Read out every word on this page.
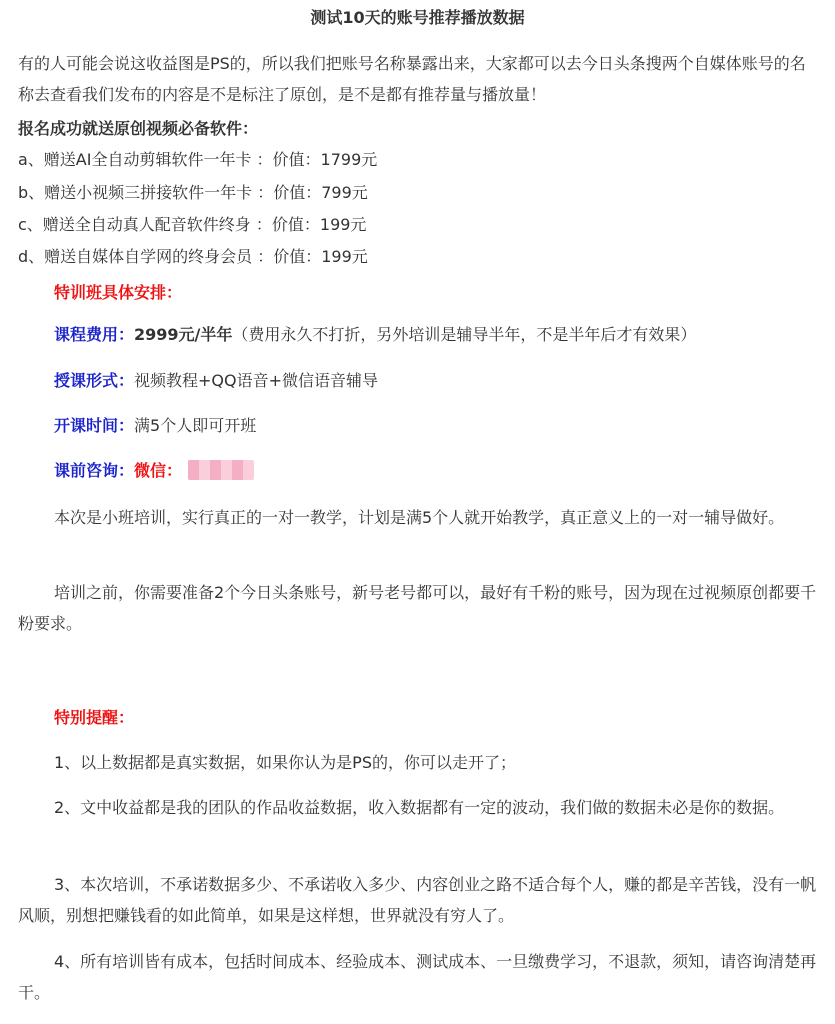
测试10天的账号推荐播放数据

有的人可能会说这收益图是PS的，所以我们把账号名称暴露出来，大家都可以去今日头条搜两个自媒体账号的名称去查看我们发布的内容是不是标注了原创，是不是都有推荐量与播放量！

报名成功就送原创视频必备软件：
a、赠送AI全自动剪辑软件一年卡 ：价值：1799元
b、赠送小视频三拼接软件一年卡 ：价值：799元
c、赠送全自动真人配音软件终身 ：价值：199元
d、赠送自媒体自学网的终身会员 ：价值：199元
特训班具体安排：
课程费用：2999元/半年（费用永久不打折，另外培训是辅导半年，不是半年后才有效果）
授课形式：视频教程+QQ语音+微信语音辅导
开课时间：满5个人即可开班
课前咨询：微信：

本次是小班培训，实行真正的一对一教学，计划是满5个人就开始教学，真正意义上的一对一辅导做好。

培训之前，你需要准备2个今日头条账号，新号老号都可以，最好有千粉的账号，因为现在过视频原创都要千粉要求。

特别提醒：

1、以上数据都是真实数据，如果你认为是PS的，你可以走开了；

2、文中收益都是我的团队的作品收益数据，收入数据都有一定的波动，我们做的数据未必是你的数据。

3、本次培训，不承诺数据多少、不承诺收入多少、内容创业之路不适合每个人，赚的都是辛苦钱，没有一帆风顺，别想把赚钱看的如此简单，如果是这样想，世界就没有穷人了。

4、所有培训皆有成本，包括时间成本、经验成本、测试成本、一旦缴费学习，不退款，须知，请咨询清楚再干。
